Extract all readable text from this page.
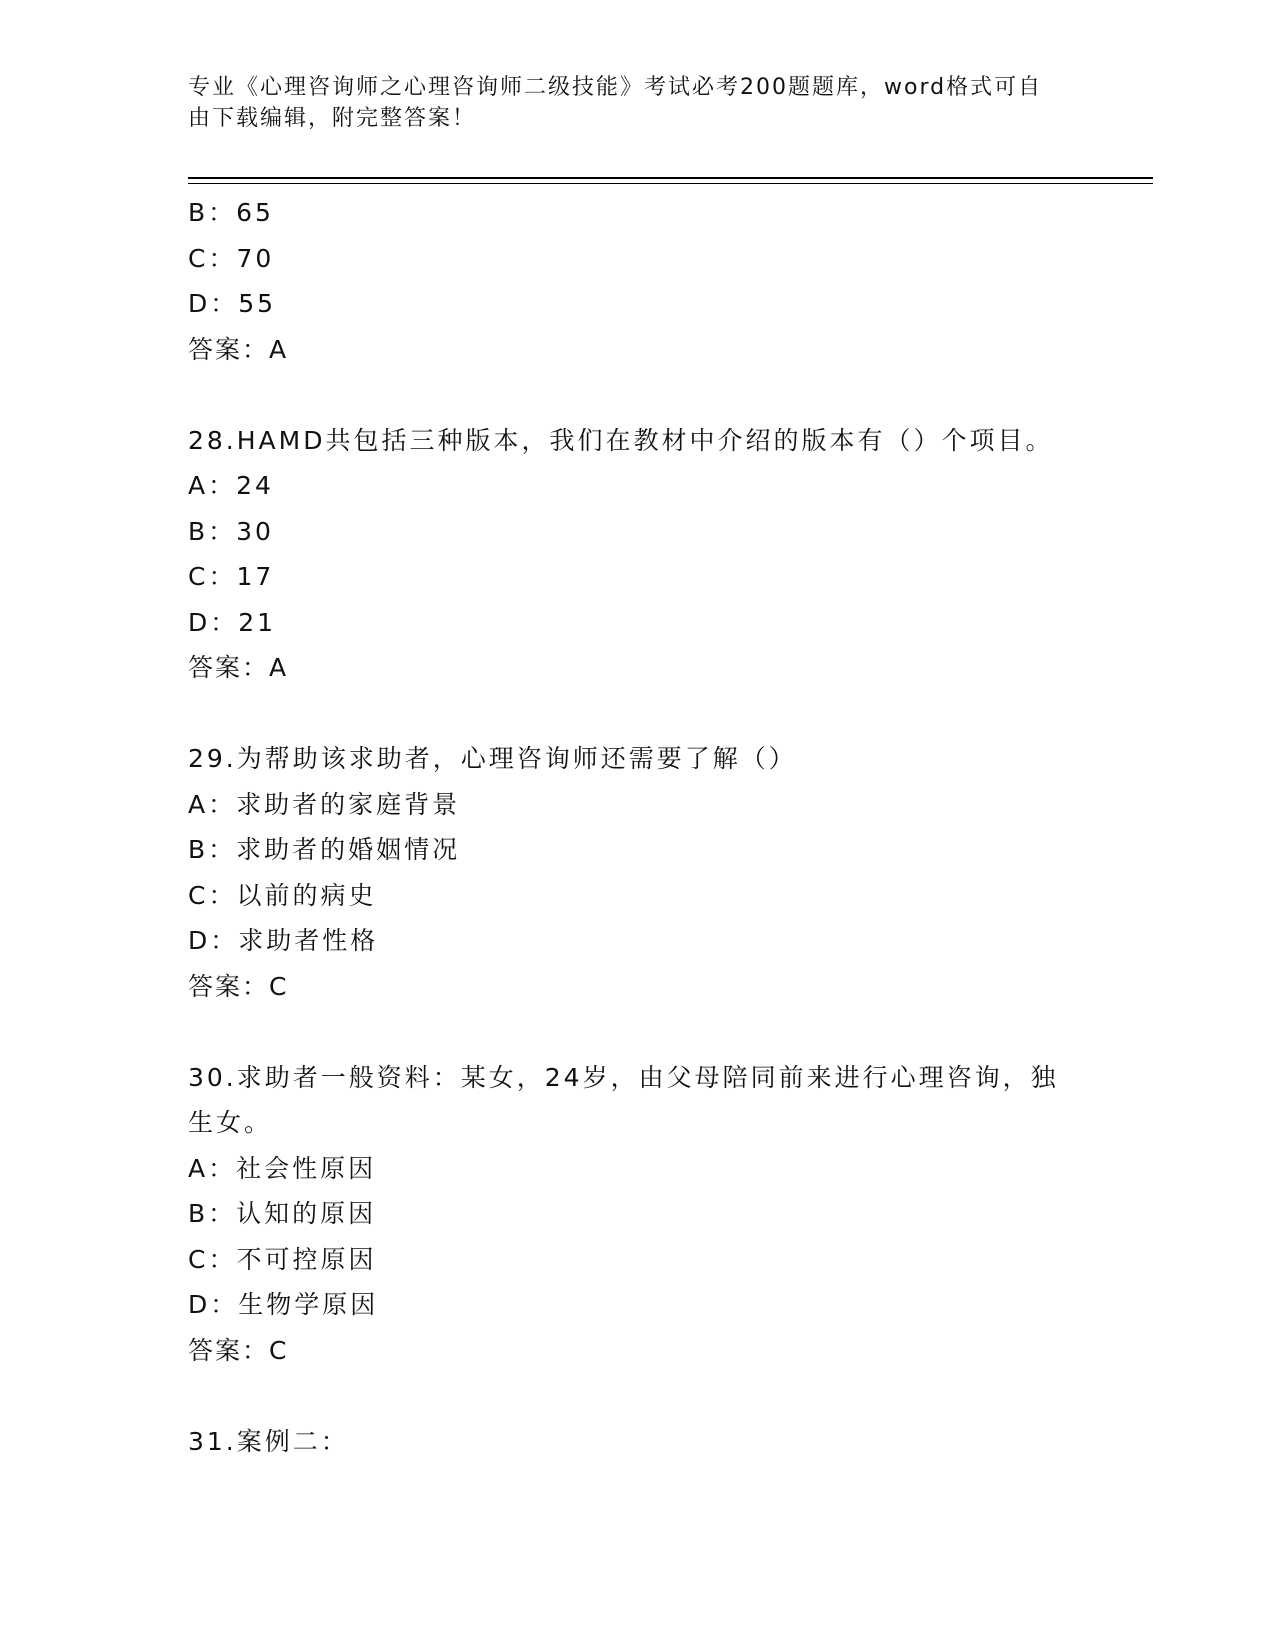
专业《心理咨询师之心理咨询师二级技能》考试必考200题题库，word格式可自
由下载编辑，附完整答案！
B：65
C：70
D：55
答案：A
28.HAMD共包括三种版本，我们在教材中介绍的版本有（）个项目。
A：24
B：30
C：17
D：21
答案：A
29.为帮助该求助者，心理咨询师还需要了解（）
A：求助者的家庭背景
B：求助者的婚姻情况
C：以前的病史
D：求助者性格
答案：C
30.求助者一般资料：某女，24岁，由父母陪同前来进行心理咨询，独
生女。
A：社会性原因
B：认知的原因
C：不可控原因
D：生物学原因
答案：C
31.案例二：
